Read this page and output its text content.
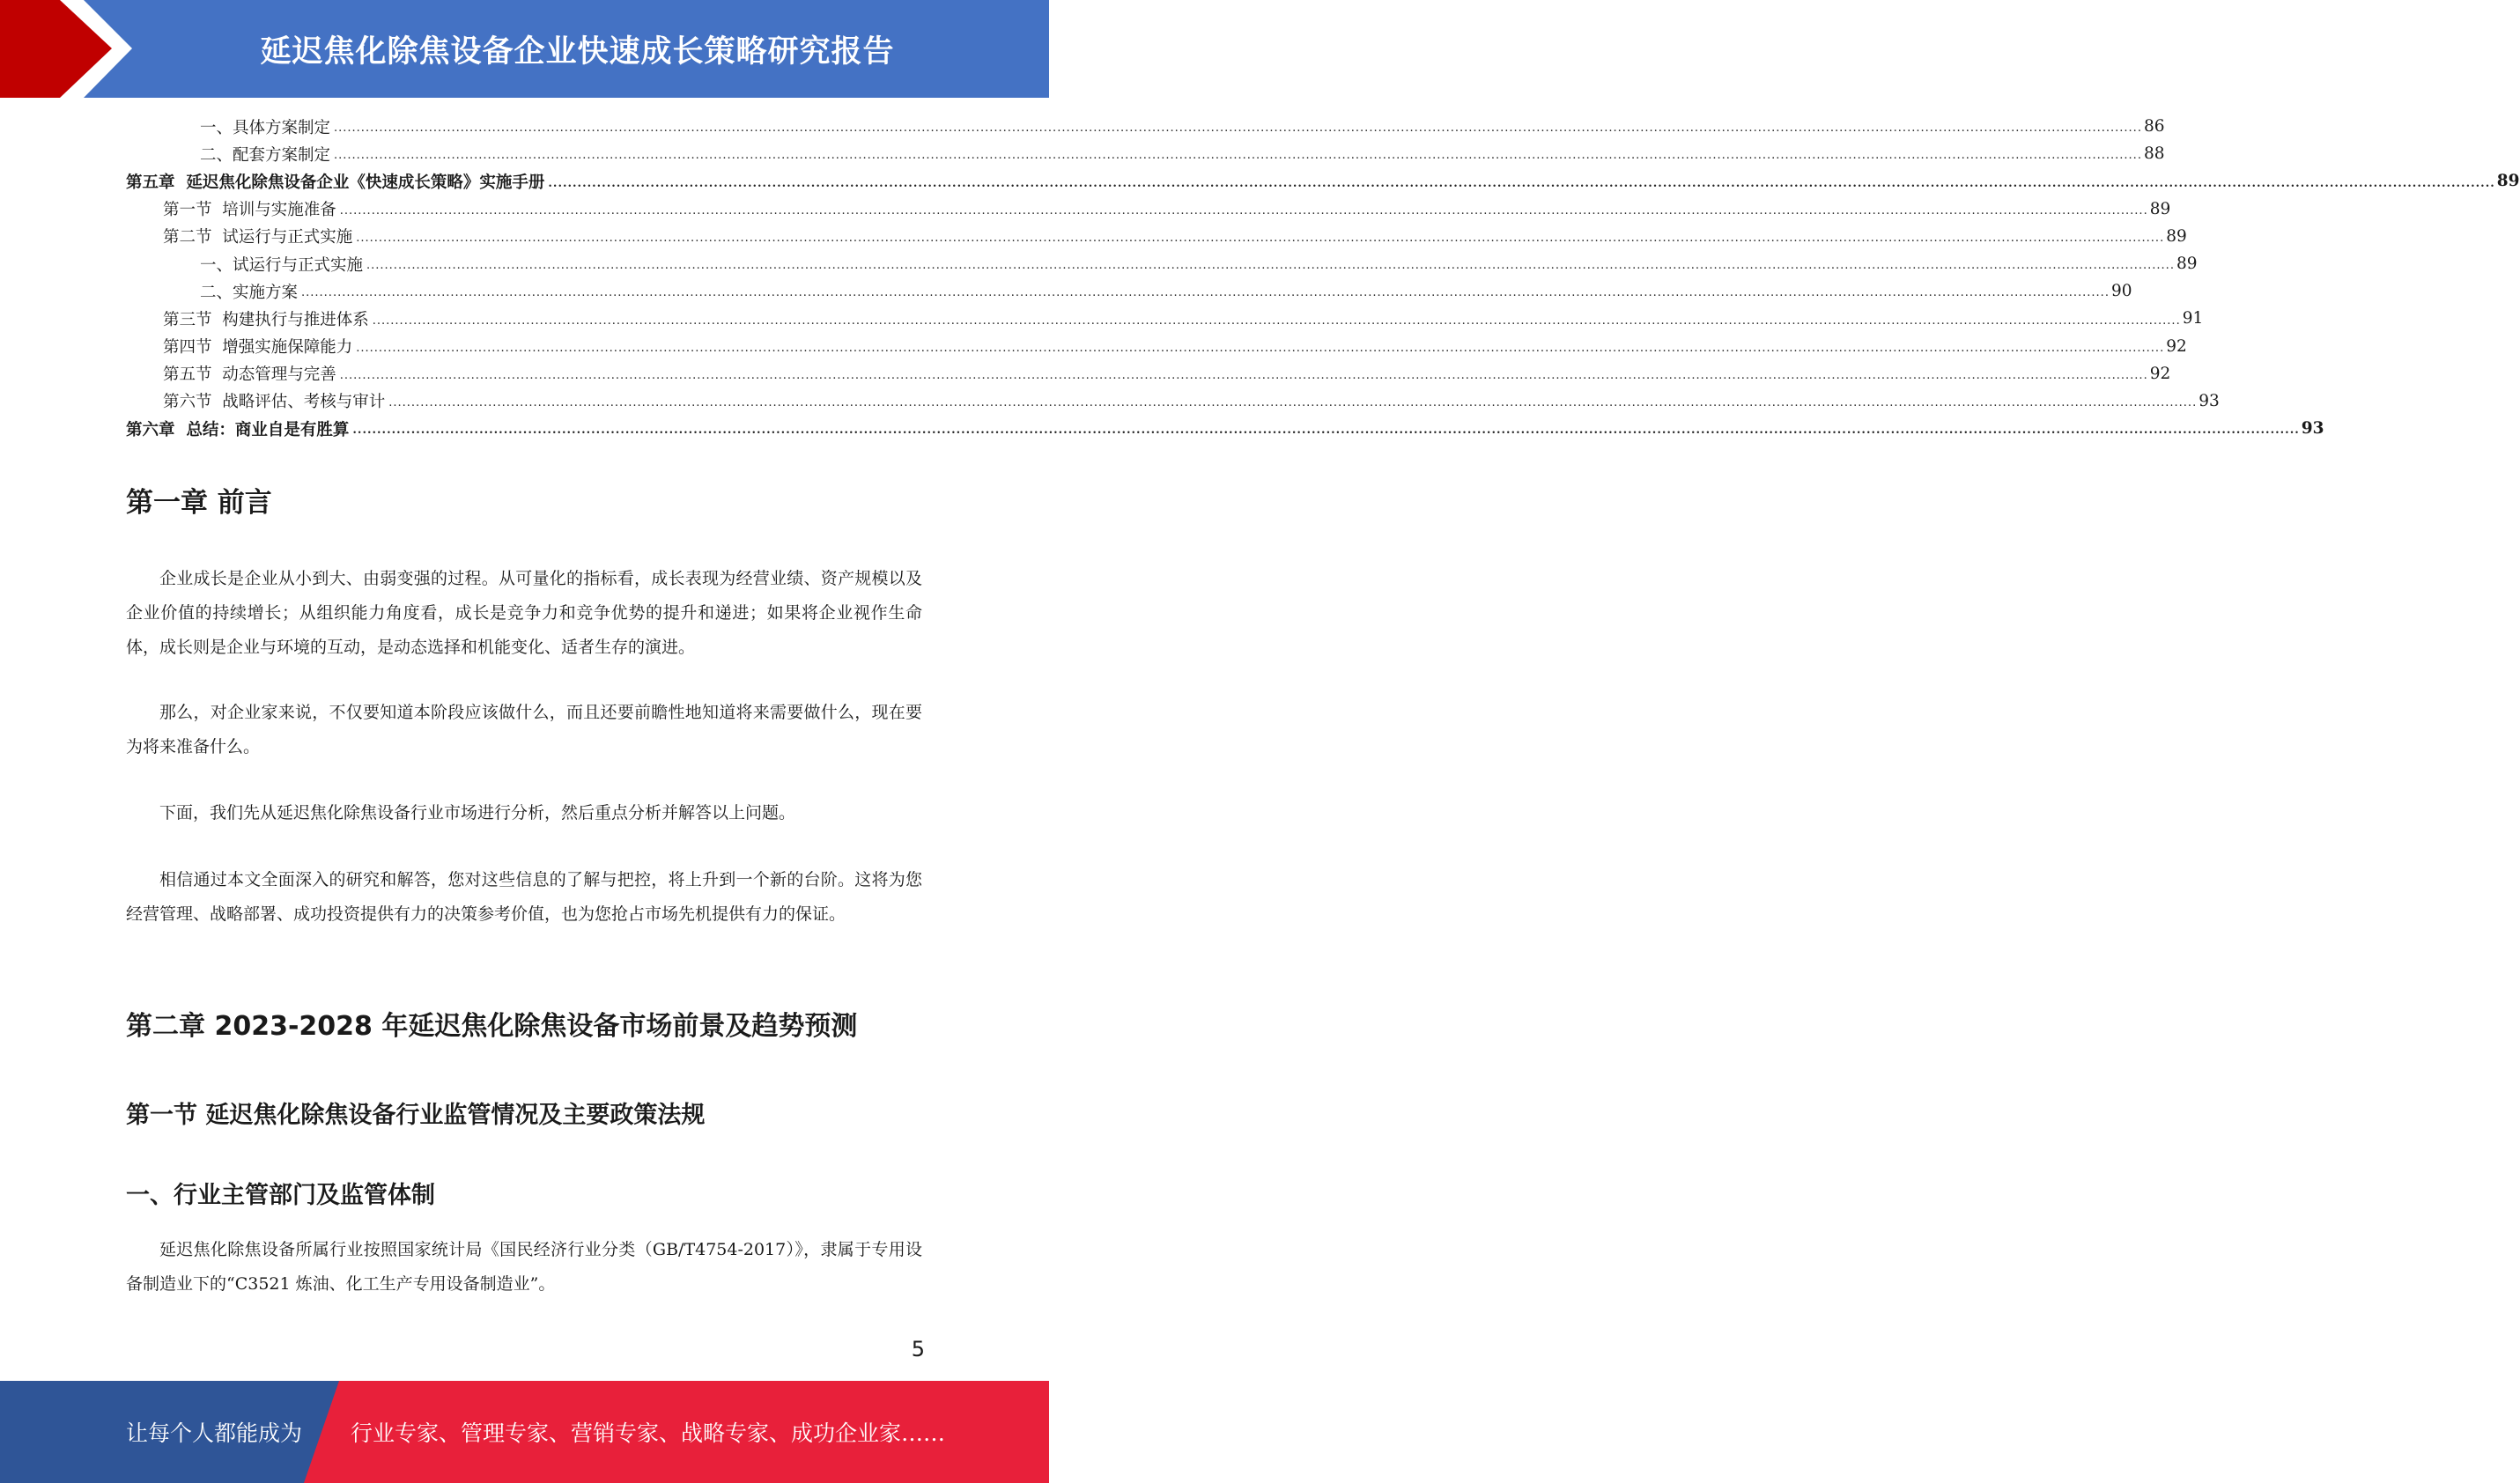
延迟焦化除焦设备企业快速成长策略研究报告
一、具体方案制定 ................................................................................................................................................................................................................................................................................................................................................................................................................ 86
二、配套方案制定 ................................................................................................................................................................................................................................................................................................................................................................................................................ 88
第五章  延迟焦化除焦设备企业《快速成长策略》实施手册 ................................................................................................................................................................................................................................................................................................................................................................................................................ 89
第一节  培训与实施准备 ................................................................................................................................................................................................................................................................................................................................................................................................................ 89
第二节  试运行与正式实施 ................................................................................................................................................................................................................................................................................................................................................................................................................ 89
一、试运行与正式实施 ................................................................................................................................................................................................................................................................................................................................................................................................................ 89
二、实施方案 ................................................................................................................................................................................................................................................................................................................................................................................................................ 90
第三节  构建执行与推进体系 ................................................................................................................................................................................................................................................................................................................................................................................................................ 91
第四节  增强实施保障能力 ................................................................................................................................................................................................................................................................................................................................................................................................................ 92
第五节  动态管理与完善 ................................................................................................................................................................................................................................................................................................................................................................................................................ 92
第六节  战略评估、考核与审计 ................................................................................................................................................................................................................................................................................................................................................................................................................ 93
第六章  总结：商业自是有胜算 ................................................................................................................................................................................................................................................................................................................................................................................................................ 93
第一章 前言

企业成长是企业从小到大、由弱变强的过程。从可量化的指标看，成长表现为经营业绩、资产规模以及企业价值的持续增长；从组织能力角度看，成长是竞争力和竞争优势的提升和递进；如果将企业视作生命体，成长则是企业与环境的互动，是动态选择和机能变化、适者生存的演进。

那么，对企业家来说，不仅要知道本阶段应该做什么，而且还要前瞻性地知道将来需要做什么，现在要为将来准备什么。

下面，我们先从延迟焦化除焦设备行业市场进行分析，然后重点分析并解答以上问题。

相信通过本文全面深入的研究和解答，您对这些信息的了解与把控，将上升到一个新的台阶。这将为您经营管理、战略部署、成功投资提供有力的决策参考价值，也为您抢占市场先机提供有力的保证。

第二章 2023-2028 年延迟焦化除焦设备市场前景及趋势预测
第一节 延迟焦化除焦设备行业监管情况及主要政策法规
一、行业主管部门及监管体制

延迟焦化除焦设备所属行业按照国家统计局《国民经济行业分类（GB/T4754-2017）》，隶属于专用设备制造业下的“C3521 炼油、化工生产专用设备制造业”。

5
让每个人都能成为 行业专家、管理专家、营销专家、战略专家、成功企业家……
